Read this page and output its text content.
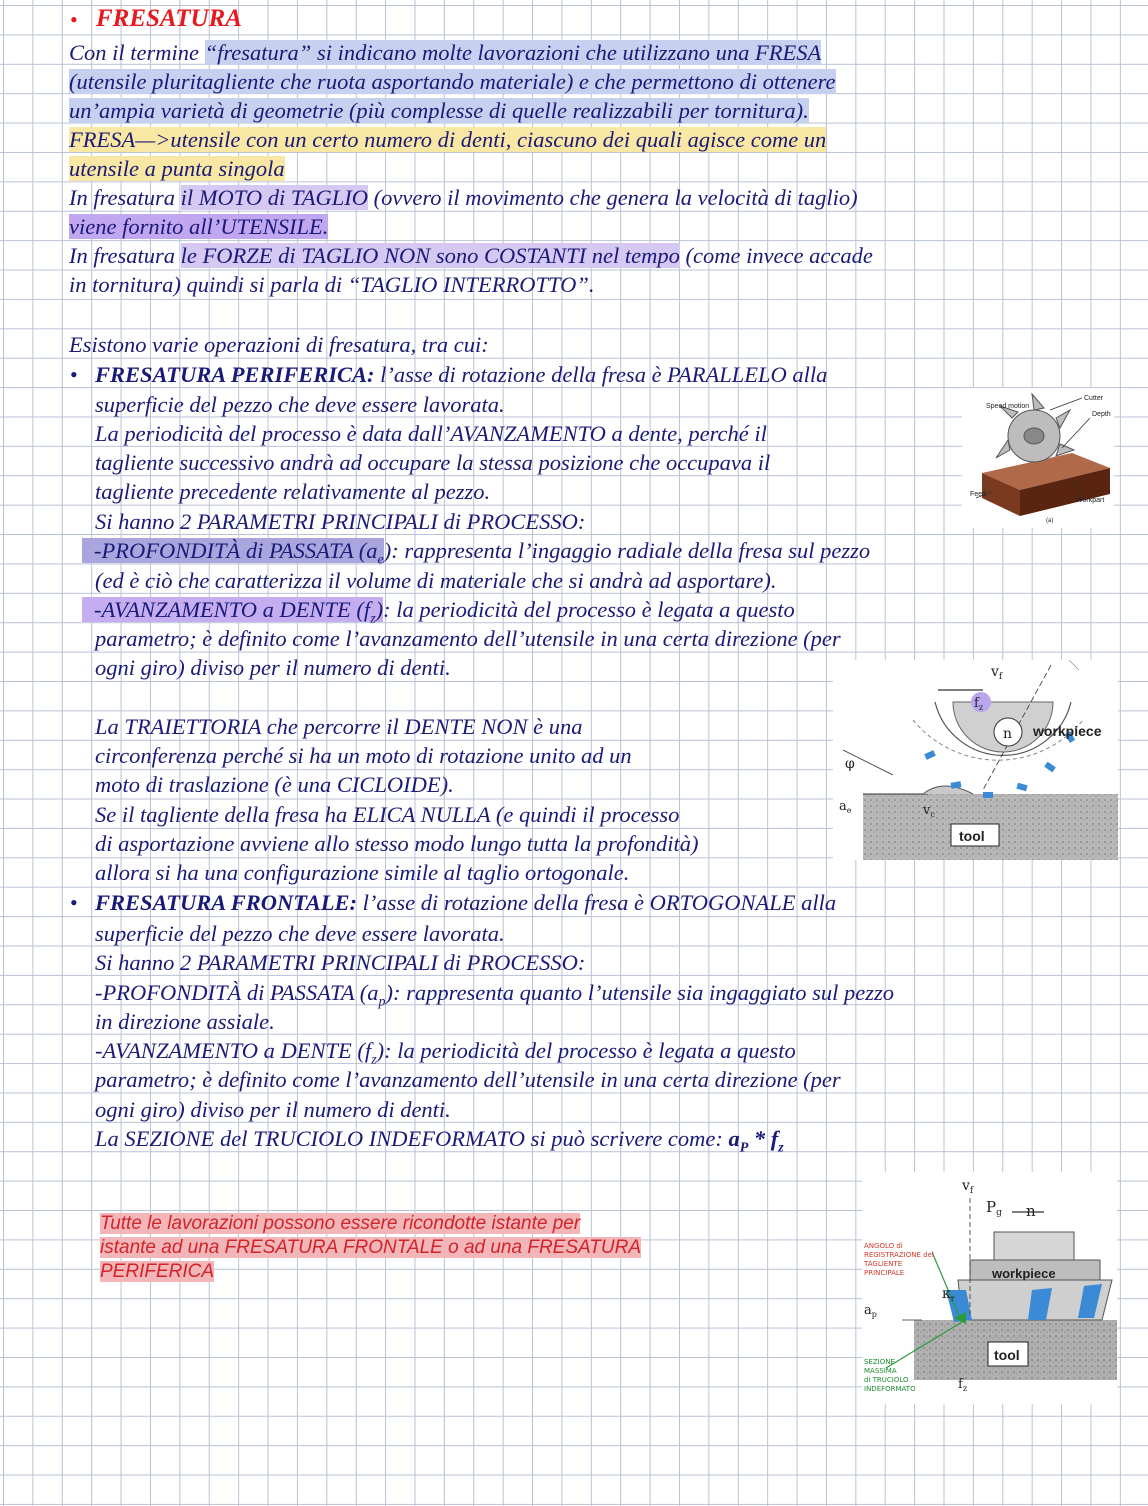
• FRESATURA
Con il termine “fresatura” si indicano molte lavorazioni che utilizzano una FRESA
(utensile pluritagliente che ruota asportando materiale) e che permettono di ottenere
un’ampia varietà di geometrie (più complesse di quelle realizzabili per tornitura).
FRESA—>utensile con un certo numero di denti, ciascuno dei quali agisce come un
utensile a punta singola
In fresatura il MOTO di TAGLIO (ovvero il movimento che genera la velocità di taglio)
viene fornito all’UTENSILE.
In fresatura le FORZE di TAGLIO NON sono COSTANTI nel tempo (come invece accade
in tornitura) quindi si parla di “TAGLIO INTERROTTO”.
Esistono varie operazioni di fresatura, tra cui:
• FRESATURA PERIFERICA: l’asse di rotazione della fresa è PARALLELO alla
superficie del pezzo che deve essere lavorata.
La periodicità del processo è data dall’AVANZAMENTO a dente, perché il
tagliente successivo andrà ad occupare la stessa posizione che occupava il
tagliente precedente relativamente al pezzo.
Si hanno 2 PARAMETRI PRINCIPALI di PROCESSO:
-PROFONDITÀ di PASSATA $(a_e)$: rappresenta l’ingaggio radiale della fresa sul pezzo
(ed è ciò che caratterizza il volume di materiale che si andrà ad asportare).
-AVANZAMENTO a DENTE $(f_z)$: la periodicità del processo è legata a questo
parametro; è definito come l’avanzamento dell’utensile in una certa direzione (per
ogni giro) diviso per il numero di denti.
La TRAIETTORIA che percorre il DENTE NON è una
circonferenza perché si ha un moto di rotazione unito ad un
moto di traslazione (è una CICLOIDE).
Se il tagliente della fresa ha ELICA NULLA (e quindi il processo
di asportazione avviene allo stesso modo lungo tutta la profondità)
allora si ha una configurazione simile al taglio ortogonale.
• FRESATURA FRONTALE: l’asse di rotazione della fresa è ORTOGONALE alla
superficie del pezzo che deve essere lavorata.
Si hanno 2 PARAMETRI PRINCIPALI di PROCESSO:
-PROFONDITÀ di PASSATA $(a_p)$: rappresenta quanto l’utensile sia ingaggiato sul pezzo
in direzione assiale.
-AVANZAMENTO a DENTE $(f_z)$: la periodicità del processo è legata a questo
parametro; è definito come l’avanzamento dell’utensile in una certa direzione (per
ogni giro) diviso per il numero di denti.
La SEZIONE del TRUCIOLO INDEFORMATO si può scrivere come: $a_P * f_z$
Tutte le lavorazioni possono essere ricondotte istante per
istante ad una FRESATURA FRONTALE o ad una FRESATURA
PERIFERICA
Speed motion
Cutter
Depth
Feed
Workpart
(a)
$v_f$
$f_z$
n workpiece
φ
$v_c$
$a_e$
tool
tool
$v_f$
$P_g$ n
workpiece
$a_p$
$\kappa_r$
$f_z$
ANGOLO di
REGISTRAZIONE del
TAGLIENTE
PRINCIPALE
SEZIONE
MASSIMA
di TRUCIOLO
INDEFORMATO
